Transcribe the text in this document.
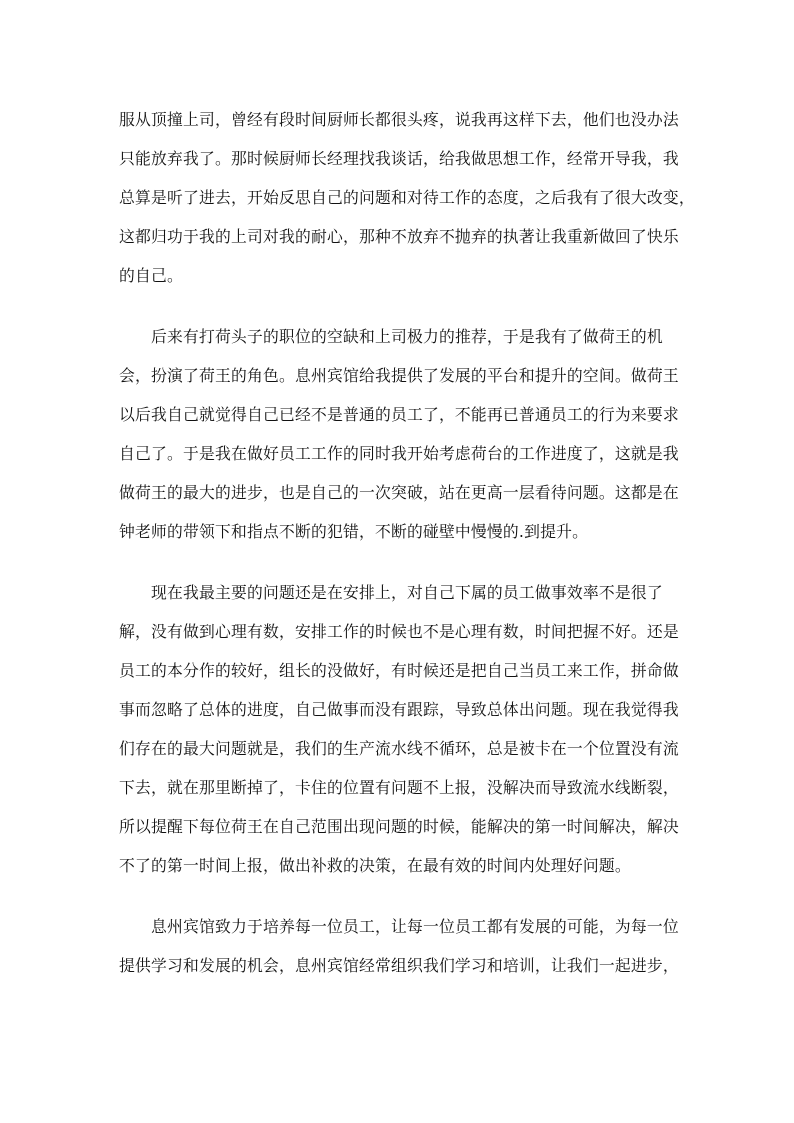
服从顶撞上司，曾经有段时间厨师长都很头疼，说我再这样下去，他们也没办法
只能放弃我了。那时候厨师长经理找我谈话，给我做思想工作，经常开导我，我
总算是听了进去，开始反思自己的问题和对待工作的态度，之后我有了很大改变，
这都归功于我的上司对我的耐心，那种不放弃不抛弃的执著让我重新做回了快乐
的自己。

后来有打荷头子的职位的空缺和上司极力的推荐，于是我有了做荷王的机
会，扮演了荷王的角色。息州宾馆给我提供了发展的平台和提升的空间。做荷王
以后我自己就觉得自己已经不是普通的员工了，不能再已普通员工的行为来要求
自己了。于是我在做好员工工作的同时我开始考虑荷台的工作进度了，这就是我
做荷王的最大的进步，也是自己的一次突破，站在更高一层看待问题。这都是在
钟老师的带领下和指点不断的犯错，不断的碰壁中慢慢的.到提升。

现在我最主要的问题还是在安排上，对自己下属的员工做事效率不是很了
解，没有做到心理有数，安排工作的时候也不是心理有数，时间把握不好。还是
员工的本分作的较好，组长的没做好，有时候还是把自己当员工来工作，拼命做
事而忽略了总体的进度，自己做事而没有跟踪，导致总体出问题。现在我觉得我
们存在的最大问题就是，我们的生产流水线不循环，总是被卡在一个位置没有流
下去，就在那里断掉了，卡住的位置有问题不上报，没解决而导致流水线断裂，
所以提醒下每位荷王在自己范围出现问题的时候，能解决的第一时间解决，解决
不了的第一时间上报，做出补救的决策，在最有效的时间内处理好问题。

息州宾馆致力于培养每一位员工，让每一位员工都有发展的可能，为每一位
提供学习和发展的机会，息州宾馆经常组织我们学习和培训，让我们一起进步，
